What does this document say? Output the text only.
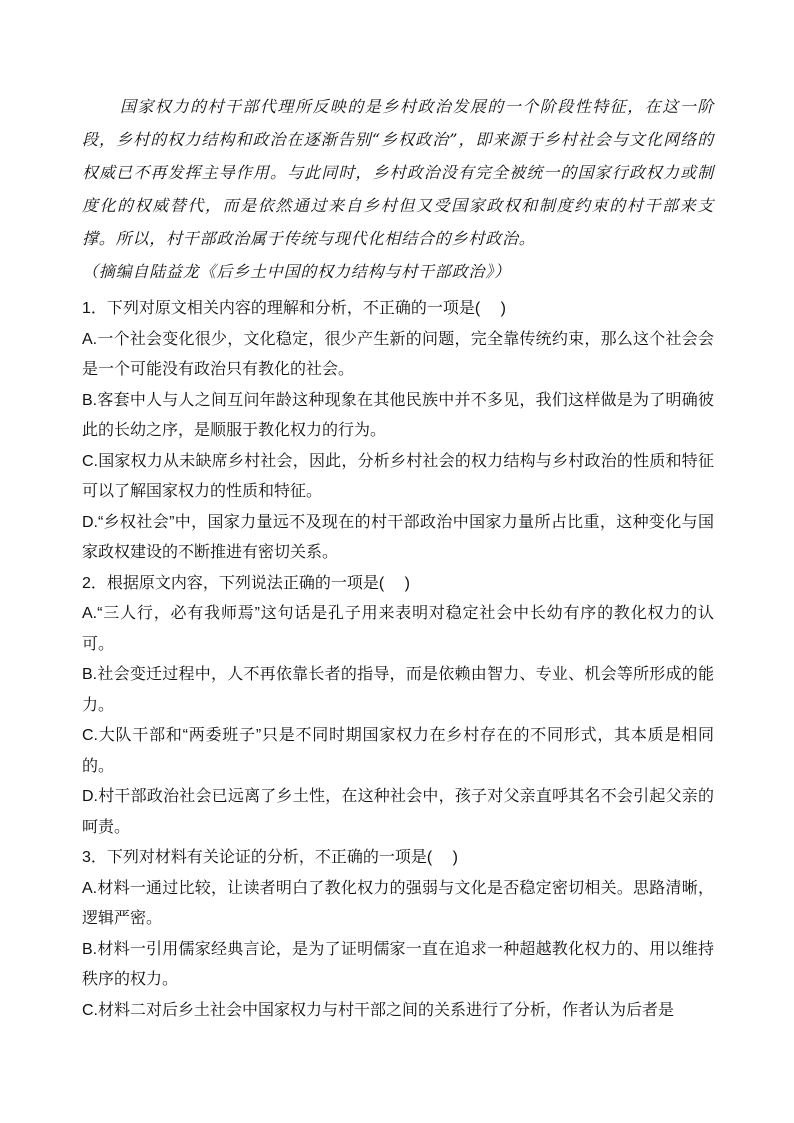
国家权力的村干部代理所反映的是乡村政治发展的一个阶段性特征，在这一阶段，乡村的权力结构和政治在逐渐告别“乡权政治”，即来源于乡村社会与文化网络的权威已不再发挥主导作用。与此同时，乡村政治没有完全被统一的国家行政权力或制度化的权威替代，而是依然通过来自乡村但又受国家政权和制度约束的村干部来支撑。所以，村干部政治属于传统与现代化相结合的乡村政治。

（摘编自陆益龙《后乡土中国的权力结构与村干部政治》）

1．下列对原文相关内容的理解和分析，不正确的一项是(　 )

A.一个社会变化很少，文化稳定，很少产生新的问题，完全靠传统约束，那么这个社会会是一个可能没有政治只有教化的社会。

B.客套中人与人之间互问年龄这种现象在其他民族中并不多见，我们这样做是为了明确彼此的长幼之序，是顺服于教化权力的行为。

C.国家权力从未缺席乡村社会，因此，分析乡村社会的权力结构与乡村政治的性质和特征可以了解国家权力的性质和特征。

D.“乡权社会”中，国家力量远不及现在的村干部政治中国家力量所占比重，这种变化与国家政权建设的不断推进有密切关系。

2．根据原文内容，下列说法正确的一项是(　 )

A.“三人行，必有我师焉”这句话是孔子用来表明对稳定社会中长幼有序的教化权力的认可。

B.社会变迁过程中，人不再依靠长者的指导，而是依赖由智力、专业、机会等所形成的能力。

C.大队干部和“两委班子”只是不同时期国家权力在乡村存在的不同形式，其本质是相同的。

D.村干部政治社会已远离了乡土性，在这种社会中，孩子对父亲直呼其名不会引起父亲的呵责。

3．下列对材料有关论证的分析，不正确的一项是(　 )

A.材料一通过比较，让读者明白了教化权力的强弱与文化是否稳定密切相关。思路清晰，逻辑严密。

B.材料一引用儒家经典言论，是为了证明儒家一直在追求一种超越教化权力的、用以维持秩序的权力。

C.材料二对后乡土社会中国家权力与村干部之间的关系进行了分析，作者认为后者是
